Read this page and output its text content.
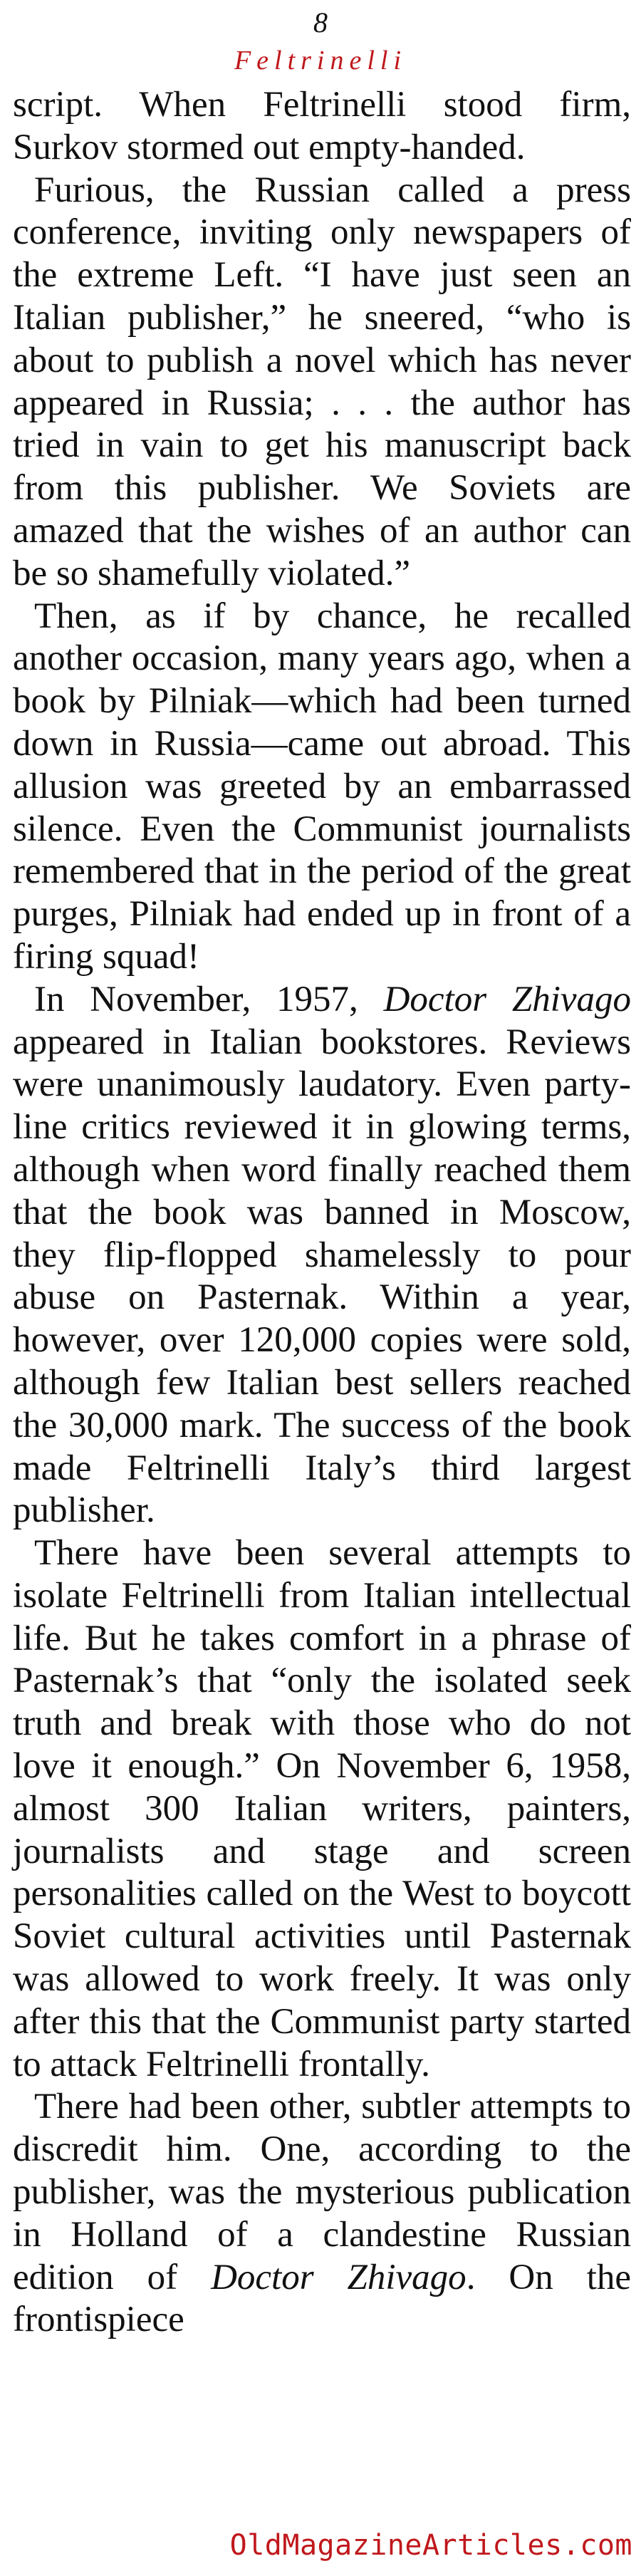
8
Feltrinelli

script. When Feltrinelli stood firm, Surkov stormed out empty-handed.

Furious, the Russian called a press conference, inviting only newspapers of the extreme Left. “I have just seen an Italian publisher,” he sneered, “who is about to publish a novel which has never appeared in Russia; . . . the author has tried in vain to get his manuscript back from this publisher. We Soviets are amazed that the wishes of an author can be so shamefully violated.”

Then, as if by chance, he recalled another occasion, many years ago, when a book by Pilniak—which had been turned down in Russia—came out abroad. This allusion was greeted by an embarrassed silence. Even the Communist journalists remembered that in the period of the great purges, Pilniak had ended up in front of a firing squad!

In November, 1957, Doctor Zhivago appeared in Italian bookstores. Reviews were unanimously laudatory. Even party-line critics reviewed it in glowing terms, although when word finally reached them that the book was banned in Moscow, they flip-flopped shamelessly to pour abuse on Pasternak. Within a year, however, over 120,000 copies were sold, although few Italian best sellers reached the 30,000 mark. The success of the book made Feltrinelli Italy’s third largest publisher.

There have been several attempts to isolate Feltrinelli from Italian intellectual life. But he takes comfort in a phrase of Pasternak’s that “only the isolated seek truth and break with those who do not love it enough.” On November 6, 1958, almost 300 Italian writers, painters, journalists and stage and screen personalities called on the West to boycott Soviet cultural activities until Pasternak was allowed to work freely. It was only after this that the Communist party started to attack Feltrinelli frontally.

There had been other, subtler attempts to discredit him. One, according to the publisher, was the mysterious publication in Holland of a clandestine Russian edition of Doctor Zhivago. On the frontispiece

OldMagazineArticles.com
